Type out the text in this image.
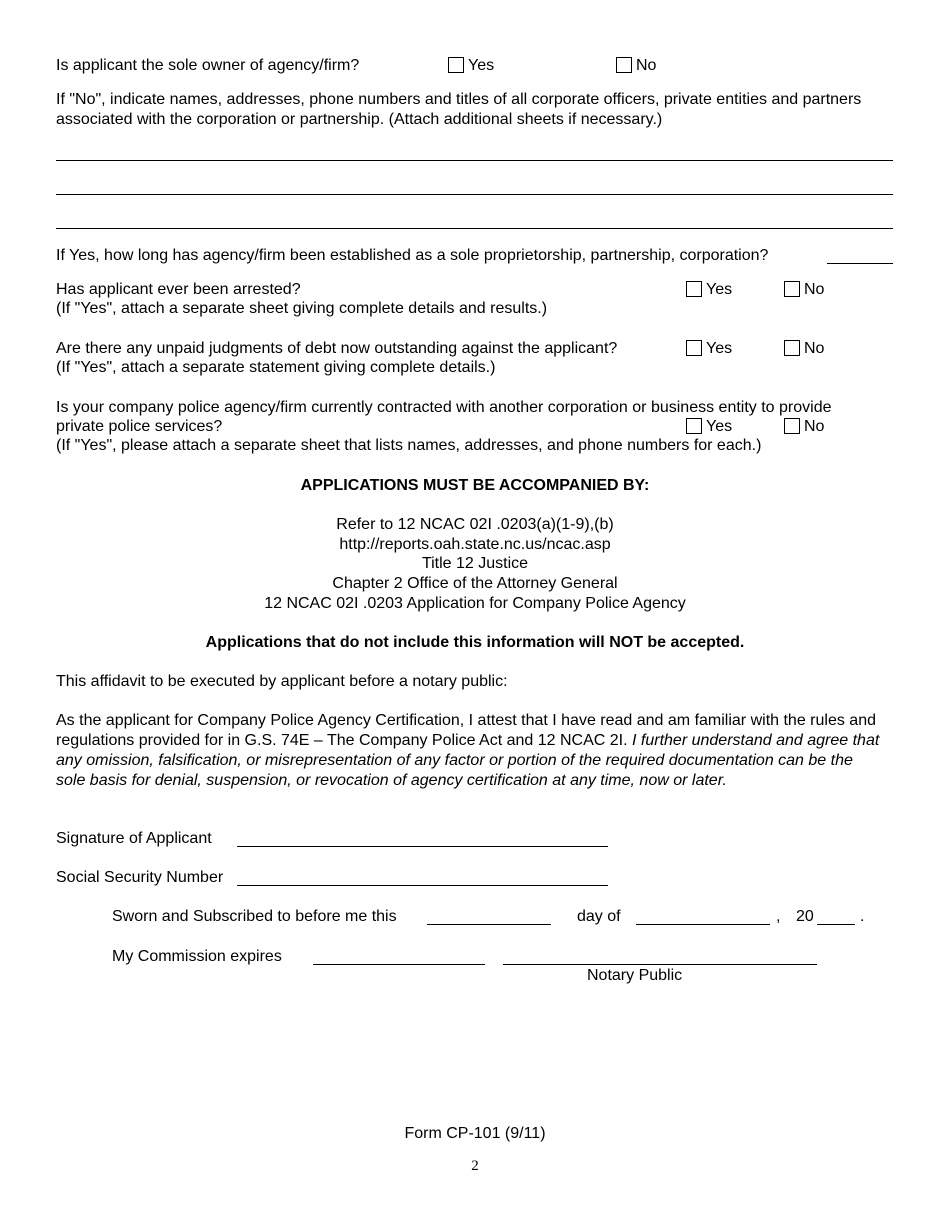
Is applicant the sole owner of agency/firm?	Yes	No
If "No", indicate names, addresses, phone numbers and titles of all corporate officers, private entities and partners associated with the corporation or partnership. (Attach additional sheets if necessary.)
If Yes, how long has agency/firm been established as a sole proprietorship, partnership, corporation?
Has applicant ever been arrested?
(If "Yes", attach a separate sheet giving complete details and results.)
Yes	No
Are there any unpaid judgments of debt now outstanding against the applicant?
(If "Yes", attach a separate statement giving complete details.)
Yes	No
Is your company police agency/firm currently contracted with another corporation or business entity to provide
private police services?
(If "Yes", please attach a separate sheet that lists names, addresses, and phone numbers for each.)
Yes	No
APPLICATIONS MUST BE ACCOMPANIED BY:
Refer to 12 NCAC 02I .0203(a)(1-9),(b)
http://reports.oah.state.nc.us/ncac.asp
Title 12 Justice
Chapter 2 Office of the Attorney General
12 NCAC 02I .0203 Application for Company Police Agency
Applications that do not include this information will NOT be accepted.
This affidavit to be executed by applicant before a notary public:
As the applicant for Company Police Agency Certification, I attest that I have read and am familiar with the rules and regulations provided for in G.S. 74E – The Company Police Act and 12 NCAC 2I. I further understand and agree that any omission, falsification, or misrepresentation of any factor or portion of the required documentation can be the sole basis for denial, suspension, or revocation of agency certification at any time, now or later.
Signature of Applicant
Social Security Number
Sworn and Subscribed to before me this	day of	, 20	.
My Commission expires
Notary Public
Form CP-101 (9/11)
2
